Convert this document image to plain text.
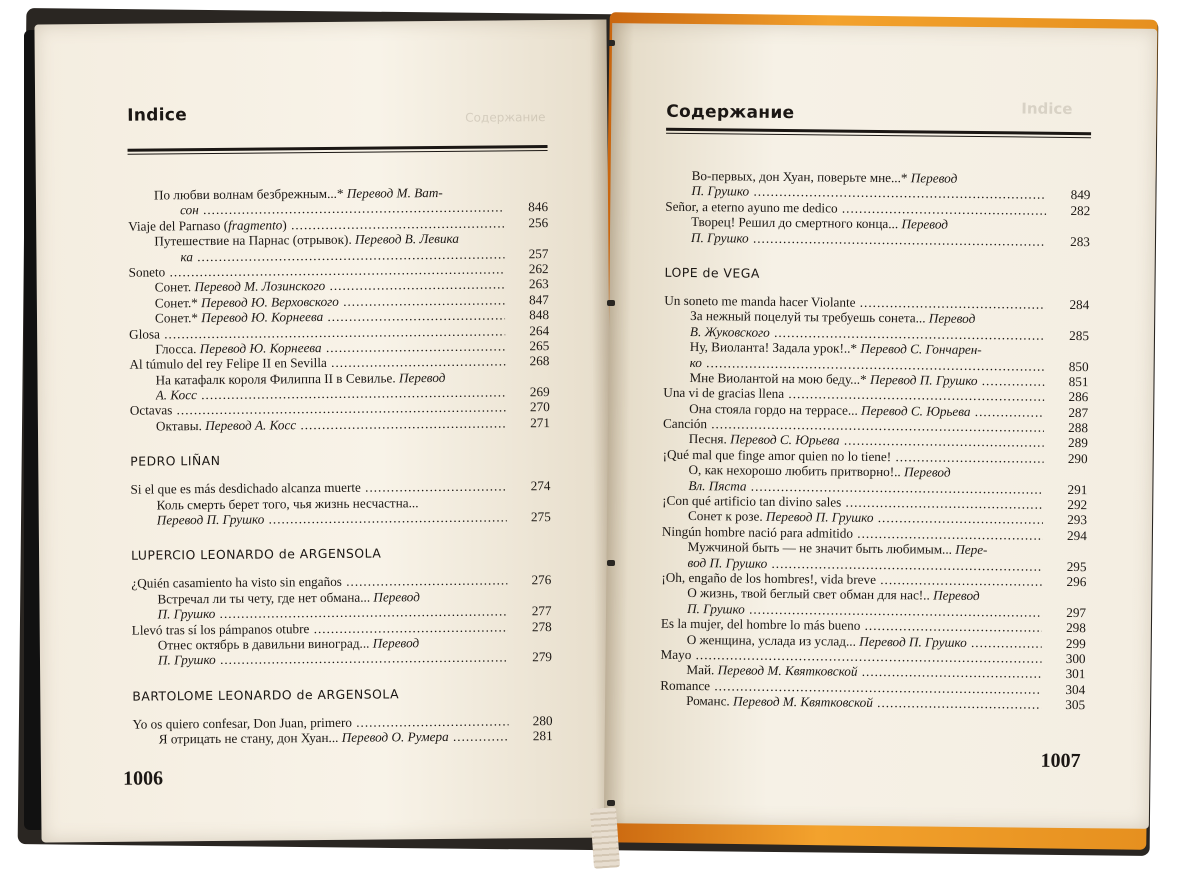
Содержание
Indice
По любви волнам безбрежным...* Перевод М. Ват-
сон .....	846
Viaje del Parnaso (fragmento) .....	256
Путешествие на Парнас (отрывок). Перевод В. Левика
ка .....	257
Soneto .....	262
Сонет. Перевод М. Лозинского .....	263
Сонет.* Перевод Ю. Верховского .....	847
Сонет.* Перевод Ю. Корнеева .....	848
Glosa .....	264
Глосса. Перевод Ю. Корнеева .....	265
Al túmulo del rey Felipe II en Sevilla .....	268
На катафалк короля Филиппа II в Севилье. Перевод
А. Косс .....	269
Octavas .....	270
Октавы. Перевод А. Косс .....	271
PEDRO LIÑAN
Si el que es más desdichado alcanza muerte .....	274
Коль смерть берет того, чья жизнь несчастна...
Перевод П. Грушко .....	275
LUPERCIO LEONARDO de ARGENSOLA
¿Quién casamiento ha visto sin engaños .....	276
Встречал ли ты чету, где нет обмана... Перевод
П. Грушко .....	277
Llevó tras sí los pámpanos otubre .....	278
Отнес октябрь в давильни виноград... Перевод
П. Грушко .....	279
BARTOLOME LEONARDO de ARGENSOLA
Yo os quiero confesar, Don Juan, primero .....	280
Я отрицать не стану, дон Хуан... Перевод О. Румера .....	281
1006
Indice
Содержание
Во-первых, дон Хуан, поверьте мне...* Перевод
П. Грушко .....	849
Señor, a eterno ayuno me dedico .....	282
Творец! Решил до смертного конца... Перевод
П. Грушко .....	283
LOPE de VEGA
Un soneto me manda hacer Violante .....	284
За нежный поцелуй ты требуешь сонета... Перевод
В. Жуковского .....	285
Ну, Виоланта! Задала урок!..* Перевод С. Гончарен-
ко .....	850
Мне Виолантой на мою беду...* Перевод П. Грушко .....	851
Una vi de gracias llena .....	286
Она стояла гордо на террасе... Перевод С. Юрьева .....	287
Canción .....	288
Песня. Перевод С. Юрьева .....	289
¡Qué mal que finge amor quien no lo tiene! .....	290
О, как нехорошо любить притворно!.. Перевод
Вл. Пяста .....	291
¡Con qué artificio tan divino sales .....	292
Сонет к розе. Перевод П. Грушко .....	293
Ningún hombre nació para admitido .....	294
Мужчиной быть — не значит быть любимым... Пере-
вод П. Грушко .....	295
¡Oh, engaño de los hombres!, vida breve .....	296
О жизнь, твой беглый свет обман для нас!.. Перевод
П. Грушко .....	297
Es la mujer, del hombre lo más bueno .....	298
О женщина, услада из услад... Перевод П. Грушко .....	299
Mayo .....	300
Май. Перевод М. Квятковской .....	301
Romance .....	304
Романс. Перевод М. Квятковской .....	305
1007
